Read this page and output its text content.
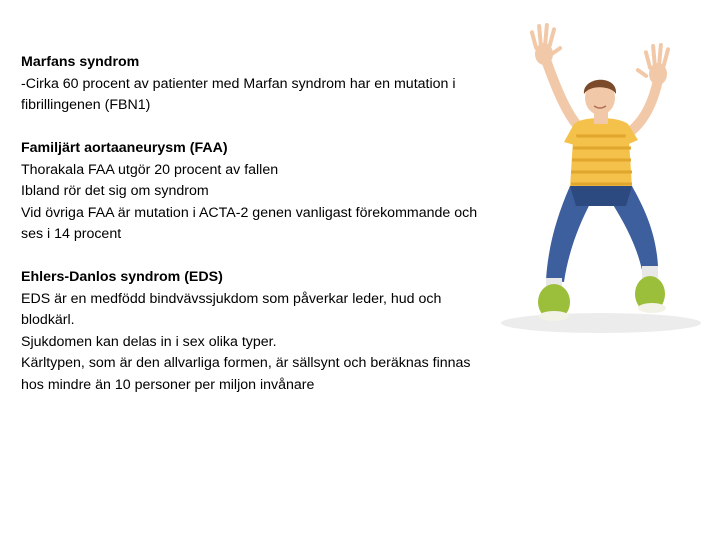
Marfans syndrom

-Cirka 60 procent av patienter med Marfan syndrom har en mutation i fibrillingenen (FBN1)

Familjärt aortaaneurysm (FAA)

Thorakala FAA utgör 20 procent av fallen

Ibland rör det sig om syndrom

Vid övriga FAA är mutation i ACTA-2 genen vanligast förekommande och ses i 14 procent

Ehlers-Danlos syndrom (EDS)

EDS är en medfödd bindvävssjukdom som påverkar leder, hud och blodkärl.

Sjukdomen kan delas in i sex olika typer.

Kärltypen, som är den allvarliga formen, är sällsynt och beräknas finnas hos mindre än 10 personer per miljon invånare
